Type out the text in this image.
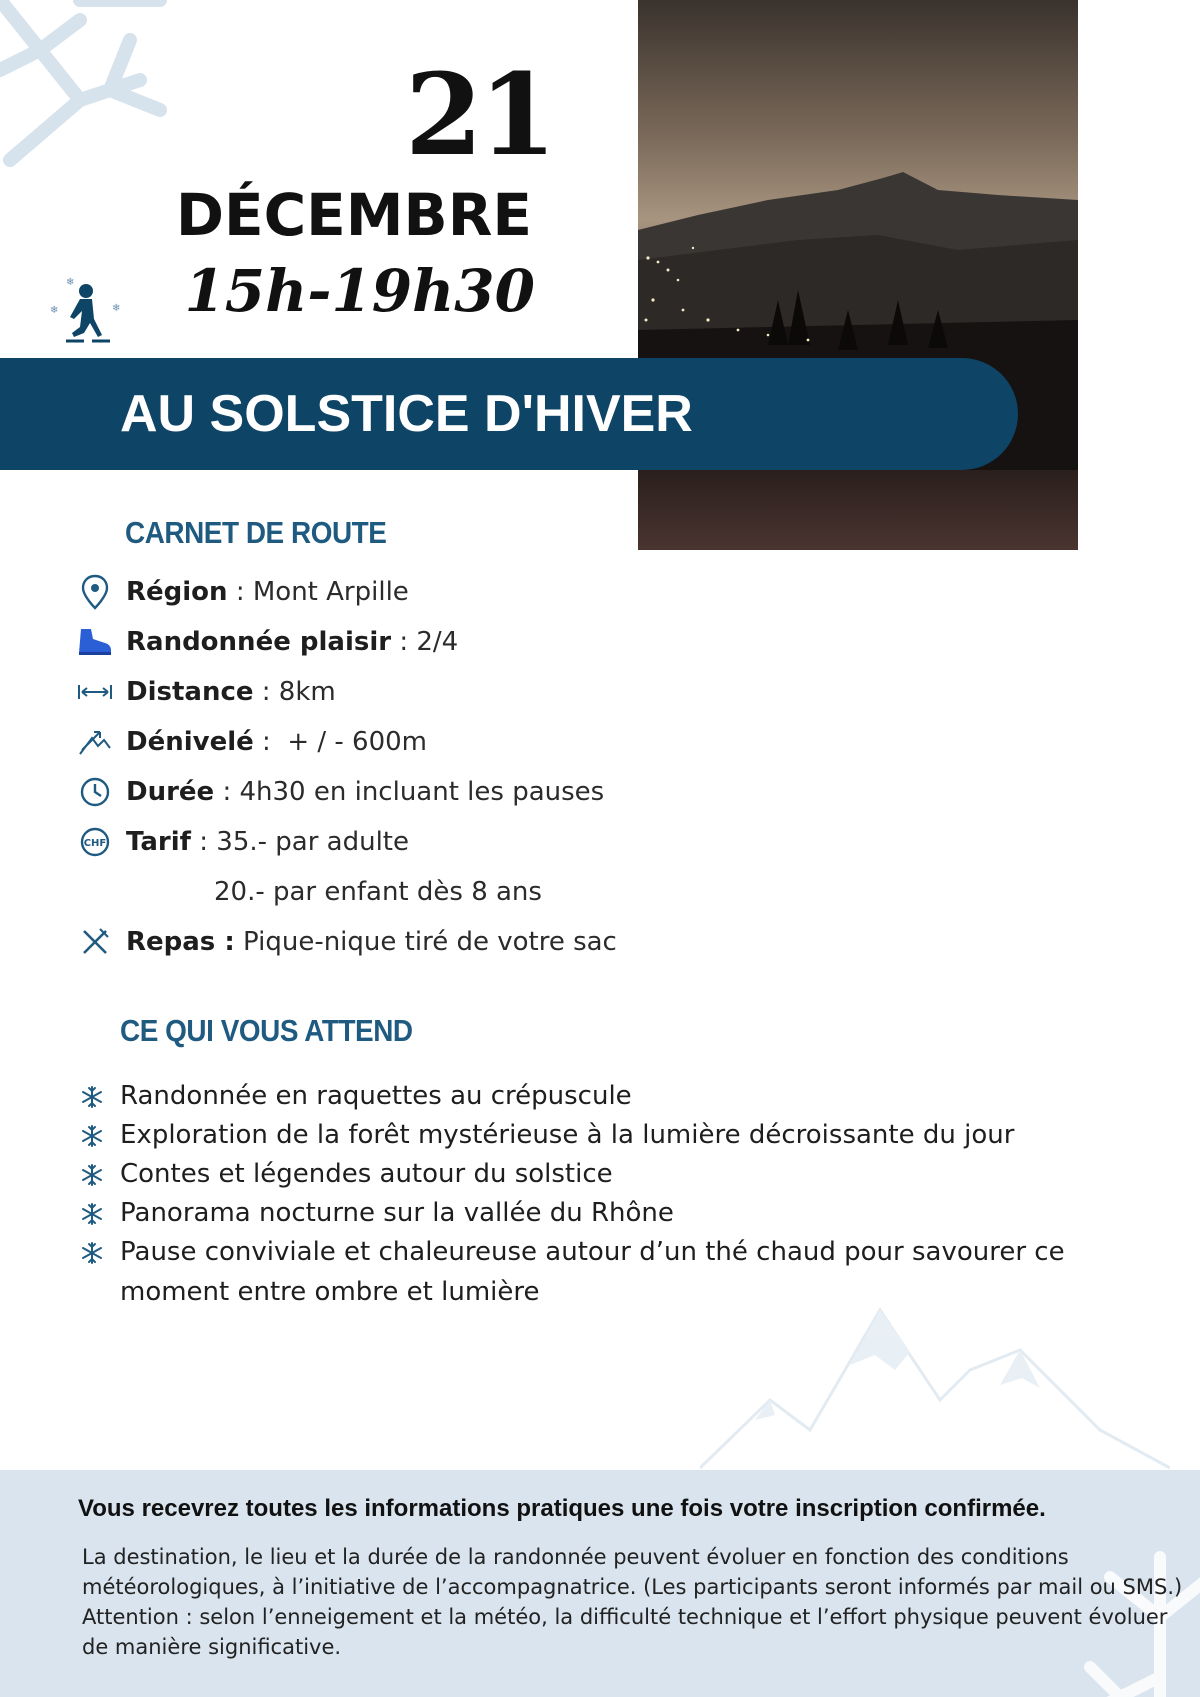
21
DÉCEMBRE
15h-19h30
❄
❄	❄
AU SOLSTICE D'HIVER
CARNET DE ROUTE
Région : Mont Arpille
Randonnée plaisir : 2/4
Distance : 8km
Dénivelé :  + / - 600m
Durée : 4h30 en incluant les pauses
CHF Tarif : 35.- par adulte
20.- par enfant dès 8 ans
Repas : Pique-nique tiré de votre sac
CE QUI VOUS ATTEND
Randonnée en raquettes au crépuscule
Exploration de la forêt mystérieuse à la lumière décroissante du jour
Contes et légendes autour du solstice
Panorama nocturne sur la vallée du Rhône
Pause conviviale et chaleureuse autour d’un thé chaud pour savourer ce
moment entre ombre et lumière
Vous recevrez toutes les informations pratiques une fois votre inscription confirmée.
La destination, le lieu et la durée de la randonnée peuvent évoluer en fonction des conditions
météorologiques, à l’initiative de l’accompagnatrice. (Les participants seront informés par mail ou SMS.)
Attention : selon l’enneigement et la météo, la difficulté technique et l’effort physique peuvent évoluer
de manière significative.
